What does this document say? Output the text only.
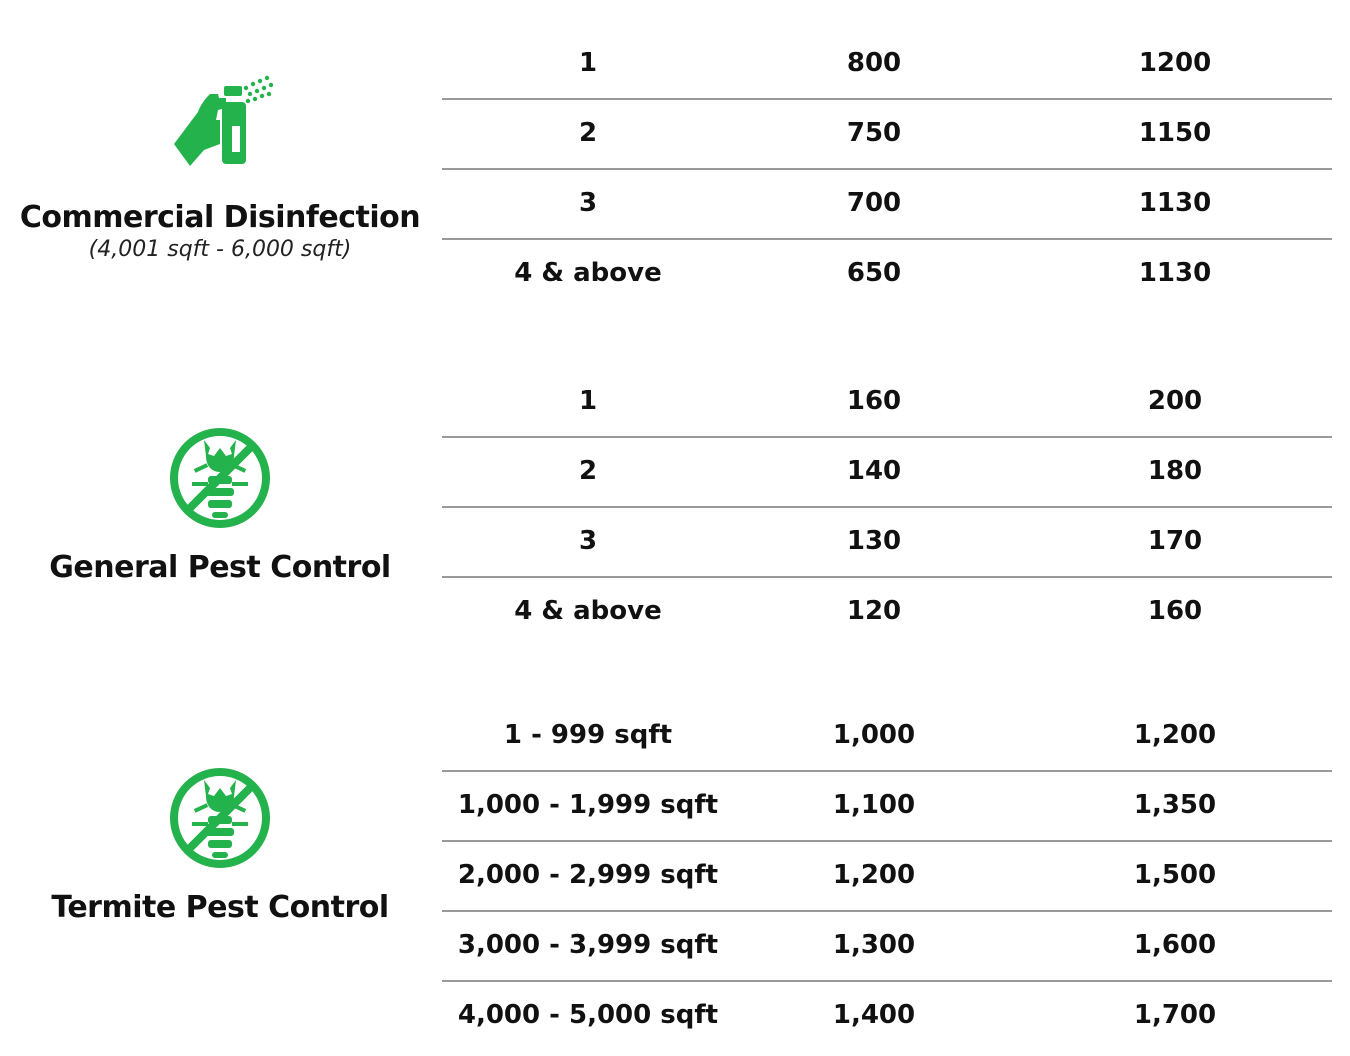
Commercial Disinfection
(4,001 sqft - 6,000 sqft)
1	800	1200
2	750	1150
3	700	1130
4 & above	650	1130
General Pest Control
1	160	200
2	140	180
3	130	170
4 & above	120	160
Termite Pest Control
1 - 999 sqft	1,000	1,200
1,000 - 1,999 sqft	1,100	1,350
2,000 - 2,999 sqft	1,200	1,500
3,000 - 3,999 sqft	1,300	1,600
4,000 - 5,000 sqft	1,400	1,700
